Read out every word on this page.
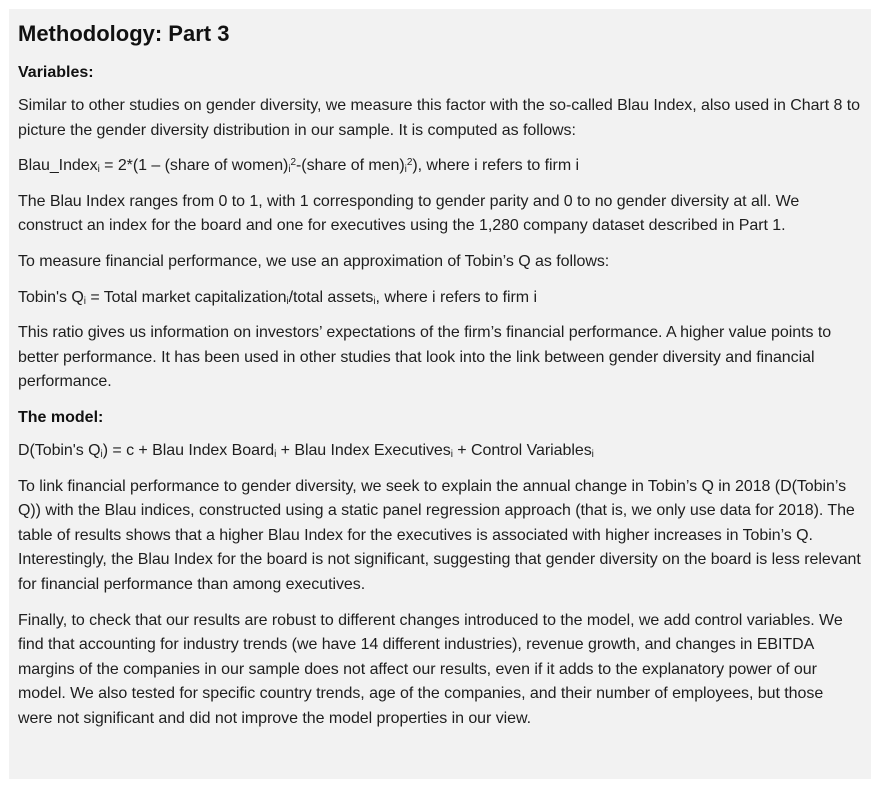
Methodology: Part 3
Variables:

Similar to other studies on gender diversity, we measure this factor with the so-called Blau Index, also used in Chart 8 to picture the gender diversity distribution in our sample. It is computed as follows:

Blau_Index$_i$ = 2*(1 – (share of $women)_i^2-(share$ of $men)_i^2$), where i refers to firm i

The Blau Index ranges from 0 to 1, with 1 corresponding to gender parity and 0 to no gender diversity at all. We construct an index for the board and one for executives using the 1,280 company dataset described in Part 1.

To measure financial performance, we use an approximation of Tobin’s Q as follows:

Tobin's $Q_i$ = Total market capitalization$_i$/total assets$_i$, where i refers to firm i

This ratio gives us information on investors’ expectations of the firm’s financial performance. A higher value points to better performance. It has been used in other studies that look into the link between gender diversity and financial performance.

The model:

D(Tobin's $Q_i) = c$ + Blau Index Board$_i$ + Blau Index Executives$_i$ + Control Variables$_i$

To link financial performance to gender diversity, we seek to explain the annual change in Tobin’s Q in 2018 (D(Tobin’s Q)) with the Blau indices, constructed using a static panel regression approach (that is, we only use data for 2018). The table of results shows that a higher Blau Index for the executives is associated with higher increases in Tobin’s Q. Interestingly, the Blau Index for the board is not significant, suggesting that gender diversity on the board is less relevant for financial performance than among executives.

Finally, to check that our results are robust to different changes introduced to the model, we add control variables. We find that accounting for industry trends (we have 14 different industries), revenue growth, and changes in EBITDA margins of the companies in our sample does not affect our results, even if it adds to the explanatory power of our model. We also tested for specific country trends, age of the companies, and their number of employees, but those were not significant and did not improve the model properties in our view.
